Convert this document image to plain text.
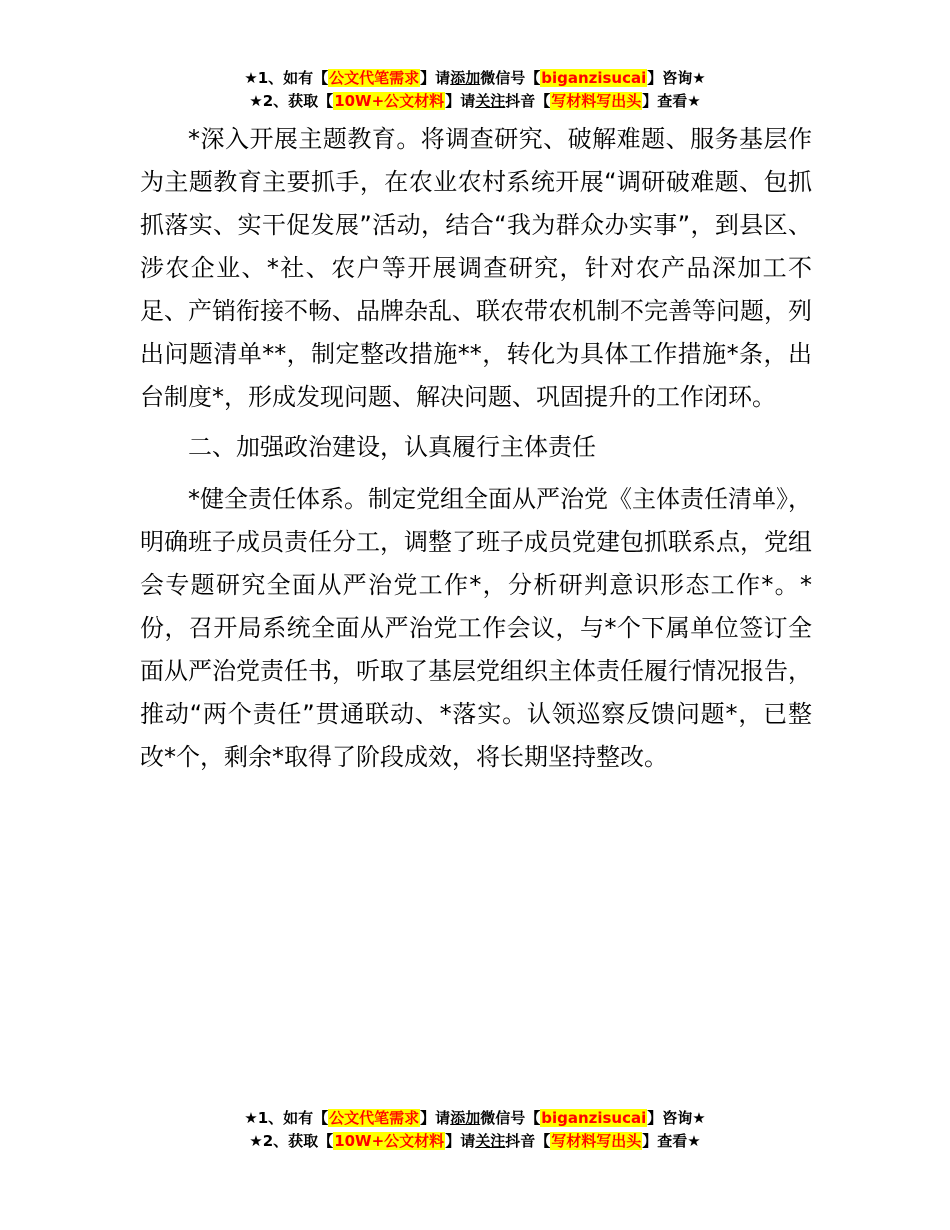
★1、如有【公文代笔需求】请添加微信号【biganzisucai】咨询★
★2、获取【10W+公文材料】请关注抖音【写材料写出头】查看★

*深入开展主题教育。将调查研究、破解难题、服务基层作为主题教育主要抓手，在农业农村系统开展“调研破难题、包抓抓落实、实干促发展”活动，结合“我为群众办实事”，到县区、涉农企业、*社、农户等开展调查研究，针对农产品深加工不足、产销衔接不畅、品牌杂乱、联农带农机制不完善等问题，列出问题清单**，制定整改措施**，转化为具体工作措施*条，出台制度*，形成发现问题、解决问题、巩固提升的工作闭环。

二、加强政治建设，认真履行主体责任

*健全责任体系。制定党组全面从严治党《主体责任清单》，明确班子成员责任分工，调整了班子成员党建包抓联系点，党组会专题研究全面从严治党工作*，分析研判意识形态工作*。*份，召开局系统全面从严治党工作会议，与*个下属单位签订全面从严治党责任书，听取了基层党组织主体责任履行情况报告，推动“两个责任”贯通联动、*落实。认领巡察反馈问题*，已整改*个，剩余*取得了阶段成效，将长期坚持整改。

★1、如有【公文代笔需求】请添加微信号【biganzisucai】咨询★
★2、获取【10W+公文材料】请关注抖音【写材料写出头】查看★
